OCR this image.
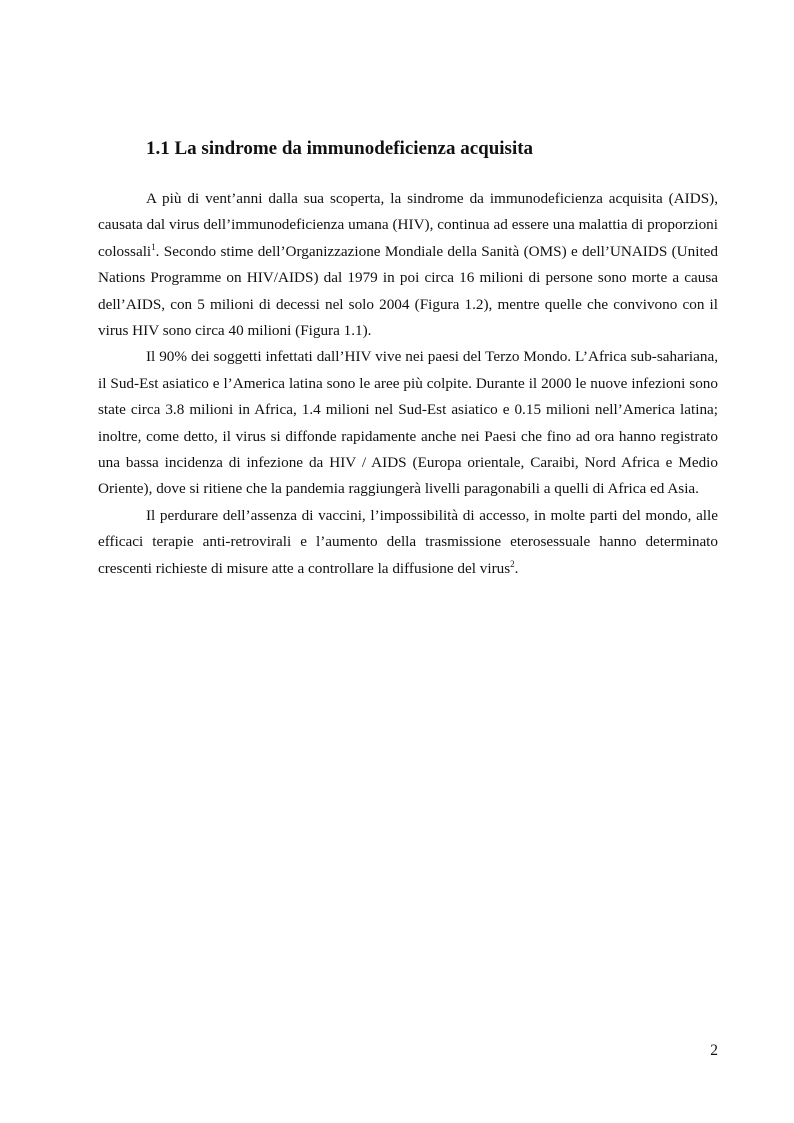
1.1 La sindrome da immunodeficienza acquisita

A più di vent’anni dalla sua scoperta, la sindrome da immunodeficienza acquisita (AIDS), causata dal virus dell’immunodeficienza umana (HIV), continua ad essere una malattia di proporzioni colossali$^1$. Secondo stime dell’Organizzazione Mondiale della Sanità (OMS) e dell’UNAIDS (United Nations Programme on HIV/AIDS) dal 1979 in poi circa 16 milioni di persone sono morte a causa dell’AIDS, con 5 milioni di decessi nel solo 2004 (Figura 1.2), mentre quelle che convivono con il virus HIV sono circa 40 milioni (Figura 1.1).

Il 90% dei soggetti infettati dall’HIV vive nei paesi del Terzo Mondo. L’Africa sub-sahariana, il Sud-Est asiatico e l’America latina sono le aree più colpite. Durante il 2000 le nuove infezioni sono state circa 3.8 milioni in Africa, 1.4 milioni nel Sud-Est asiatico e 0.15 milioni nell’America latina; inoltre, come detto, il virus si diffonde rapidamente anche nei Paesi che fino ad ora hanno registrato una bassa incidenza di infezione da HIV / AIDS (Europa orientale, Caraibi, Nord Africa e Medio Oriente), dove si ritiene che la pandemia raggiungerà livelli paragonabili a quelli di Africa ed Asia.

Il perdurare dell’assenza di vaccini, l’impossibilità di accesso, in molte parti del mondo, alle efficaci terapie anti-retrovirali e l’aumento della trasmissione eterosessuale hanno determinato crescenti richieste di misure atte a controllare la diffusione del virus$^2$.

2
